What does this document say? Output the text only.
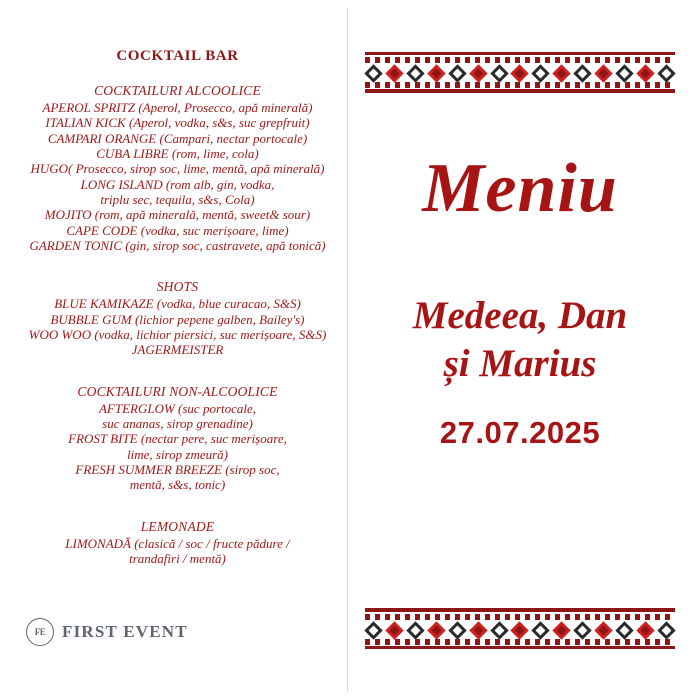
COCKTAIL BAR
COCKTAILURI ALCOOLICE
APEROL SPRITZ (Aperol, Prosecco, apă minerală)
ITALIAN KICK (Aperol, vodka, s&s, suc grepfruit)
CAMPARI ORANGE (Campari, nectar portocale)
CUBA LIBRE (rom, lime, cola)
HUGO( Prosecco, sirop soc, lime, mentă, apă minerală)
LONG ISLAND (rom alb, gin, vodka,
triplu sec, tequila, s&s, Cola)
MOJITO (rom, apă minerală, mentă, sweet& sour)
CAPE CODE (vodka, suc merișoare, lime)
GARDEN TONIC (gin, sirop soc, castravete, apă tonică)
SHOTS
BLUE KAMIKAZE (vodka, blue curacao, S&S)
BUBBLE GUM (lichior pepene galben, Bailey's)
WOO WOO (vodka, lichior piersici, suc merișoare, S&S)
JAGERMEISTER
COCKTAILURI NON-ALCOOLICE
AFTERGLOW (suc portocale,
suc ananas, sirop grenadine)
FROST BITE (nectar pere, suc merișoare,
lime, sirop zmeură)
FRESH SUMMER BREEZE (sirop soc,
mentă, s&s, tonic)
LEMONADE
LIMONADĂ (clasică / soc / fructe pădure /
trandafiri / mentă)
FE FIRST EVENT
Meniu
Medeea, Dan
și Marius
27.07.2025
